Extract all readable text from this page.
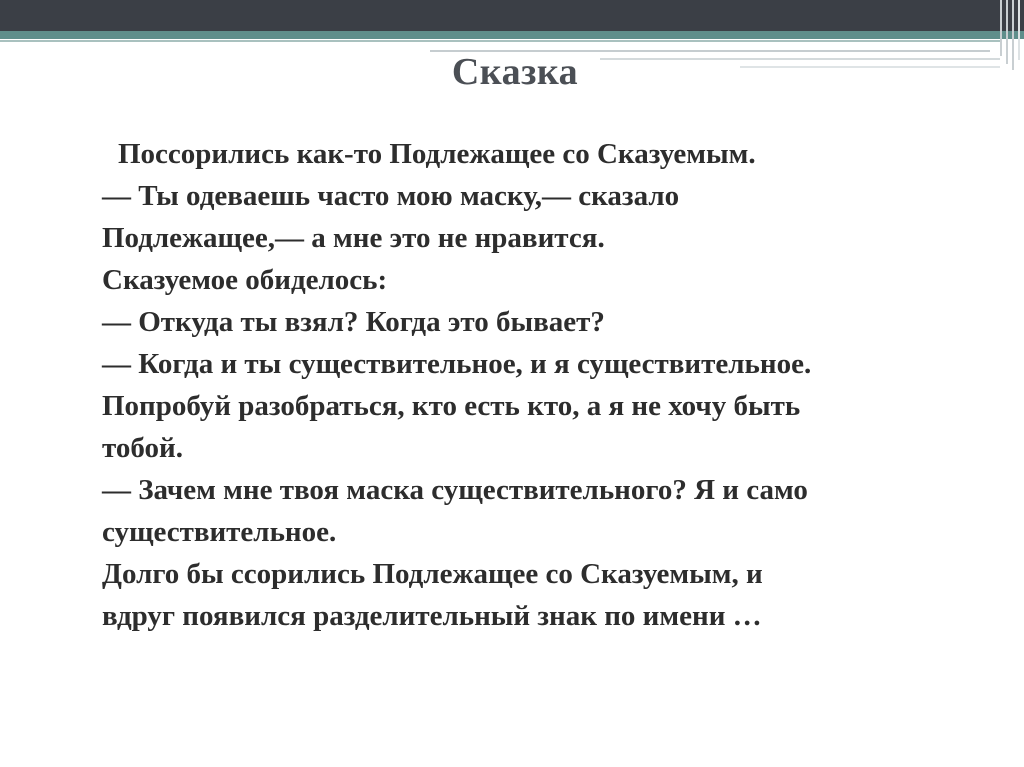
Сказка
Поссорились как-то Подлежащее со Сказуемым.
— Ты одеваешь часто мою маску,— сказало
Подлежащее,— а мне это не нравится.
Сказуемое обиделось:
— Откуда ты взял? Когда это бывает?
— Когда и ты существительное, и я существительное.
Попробуй разобраться, кто есть кто, а я не хочу быть
тобой.
— Зачем мне твоя маска существительного? Я и само
существительное.
Долго бы ссорились Подлежащее со Сказуемым, и
вдруг появился разделительный знак по имени …
